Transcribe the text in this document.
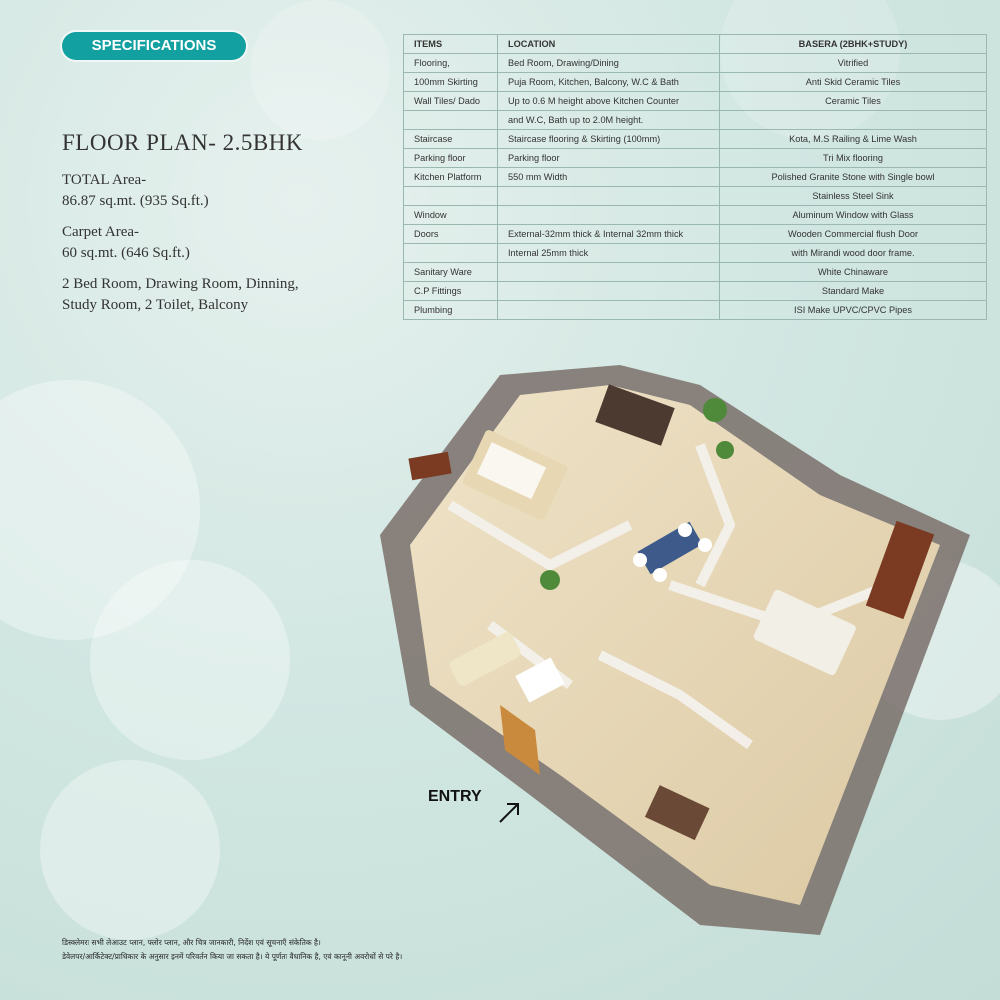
SPECIFICATIONS
FLOOR PLAN- 2.5BHK
TOTAL Area-
86.87 sq.mt. (935 Sq.ft.)
Carpet Area-
60 sq.mt. (646 Sq.ft.)
2 Bed Room, Drawing Room, Dinning,
Study Room, 2 Toilet, Balcony
ITEMS	LOCATION	BASERA (2BHK+STUDY)
Flooring,	Bed Room, Drawing/Dining	Vitrified
100mm Skirting	Puja Room, Kitchen, Balcony, W.C & Bath	Anti Skid Ceramic Tiles
Wall Tiles/ Dado	Up to 0.6 M height above Kitchen Counter	Ceramic Tiles
	and W.C, Bath up to 2.0M height.	
Staircase	Staircase flooring & Skirting (100mm)	Kota, M.S Railing & Lime Wash
Parking floor	Parking floor	Tri Mix flooring
Kitchen Platform	550 mm Width	Polished Granite Stone with Single bowl
		Stainless Steel Sink
Window		Aluminum Window with Glass
Doors	External-32mm thick & Internal 32mm thick	Wooden Commercial flush Door
	Internal 25mm thick	with Mirandi wood door frame.
Sanitary Ware		White Chinaware
C.P Fittings		Standard Make
Plumbing		ISI Make UPVC/CPVC Pipes
ENTRY
डिस्क्लेमरः सभी लेआउट प्लान, फ्लोर प्लान, और चित्र जानकारी, निर्देश एवं सूचनाएँ संकेतिक है।
डेवेलपर/आर्किटेक्ट/प्राधिकार के अनुसार इनमें परिवर्तन किया जा सकता है। ये पूर्णतः वैधानिक है, एवं कानूनी अवरोधों से परे है।
